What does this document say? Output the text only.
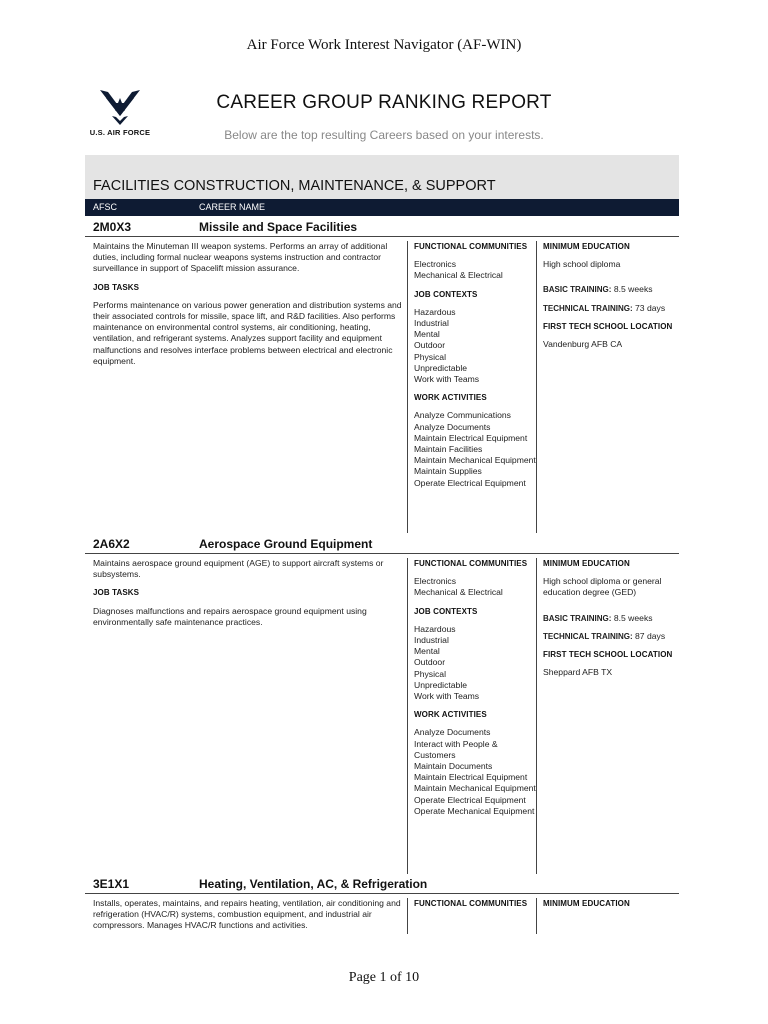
Air Force Work Interest Navigator (AF-WIN)
U.S. AIR FORCE
CAREER GROUP RANKING REPORT
Below are the top resulting Careers based on your interests.
FACILITIES CONSTRUCTION, MAINTENANCE, & SUPPORT
AFSC	CAREER NAME
2M0X3	Missile and Space Facilities
Maintains the Minuteman III weapon systems. Performs an array of additional duties, including formal nuclear weapons systems instruction and contractor surveillance in support of Spacelift mission assurance.
JOB TASKS
Performs maintenance on various power generation and distribution systems and their associated controls for missile, space lift, and R&D facilities. Also performs maintenance on environmental control systems, air conditioning, heating, ventilation, and refrigerant systems. Analyzes support facility and equipment malfunctions and resolves interface problems between electrical and electronic equipment.
FUNCTIONAL COMMUNITIES
Electronics
Mechanical & Electrical
JOB CONTEXTS
Hazardous
Industrial
Mental
Outdoor
Physical
Unpredictable
Work with Teams
WORK ACTIVITIES
Analyze Communications
Analyze Documents
Maintain Electrical Equipment
Maintain Facilities
Maintain Mechanical Equipment
Maintain Supplies
Operate Electrical Equipment
MINIMUM EDUCATION
High school diploma
BASIC TRAINING: 8.5 weeks
TECHNICAL TRAINING: 73 days
FIRST TECH SCHOOL LOCATION
Vandenburg AFB CA
2A6X2	Aerospace Ground Equipment
Maintains aerospace ground equipment (AGE) to support aircraft systems or subsystems.
JOB TASKS
Diagnoses malfunctions and repairs aerospace ground equipment using environmentally safe maintenance practices.
FUNCTIONAL COMMUNITIES
Electronics
Mechanical & Electrical
JOB CONTEXTS
Hazardous
Industrial
Mental
Outdoor
Physical
Unpredictable
Work with Teams
WORK ACTIVITIES
Analyze Documents
Interact with People & Customers
Maintain Documents
Maintain Electrical Equipment
Maintain Mechanical Equipment
Operate Electrical Equipment
Operate Mechanical Equipment
MINIMUM EDUCATION
High school diploma or general education degree (GED)
BASIC TRAINING: 8.5 weeks
TECHNICAL TRAINING: 87 days
FIRST TECH SCHOOL LOCATION
Sheppard AFB TX
3E1X1	Heating, Ventilation, AC, & Refrigeration
Installs, operates, maintains, and repairs heating, ventilation, air conditioning and refrigeration (HVAC/R) systems, combustion equipment, and industrial air compressors. Manages HVAC/R functions and activities.
FUNCTIONAL COMMUNITIES	MINIMUM EDUCATION
Page 1 of 10
